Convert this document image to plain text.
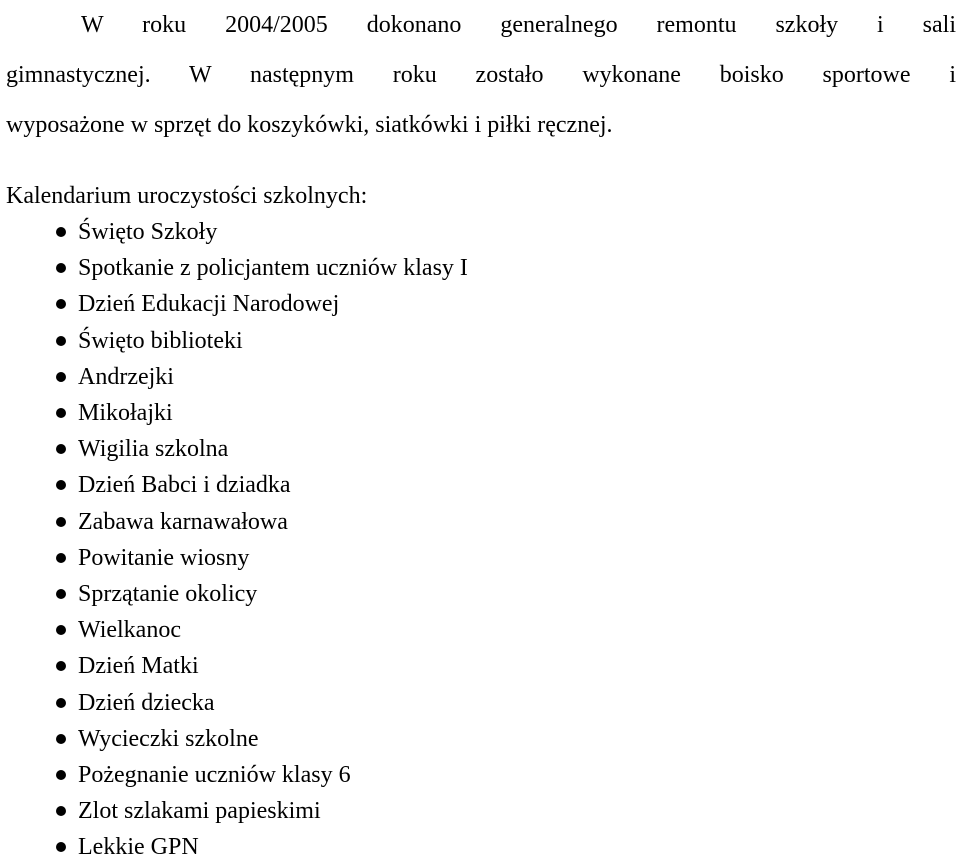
W roku 2004/2005 dokonano generalnego remontu szkoły i sali
gimnastycznej. W następnym roku zostało wykonane boisko sportowe i
wyposażone w sprzęt do koszykówki, siatkówki i piłki ręcznej.
Kalendarium uroczystości szkolnych:
Święto Szkoły
Spotkanie z policjantem uczniów klasy I
Dzień Edukacji Narodowej
Święto biblioteki
Andrzejki
Mikołajki
Wigilia szkolna
Dzień Babci i dziadka
Zabawa karnawałowa
Powitanie wiosny
Sprzątanie okolicy
Wielkanoc
Dzień Matki
Dzień dziecka
Wycieczki szkolne
Pożegnanie uczniów klasy 6
Zlot szlakami papieskimi
Lekkie GPN
